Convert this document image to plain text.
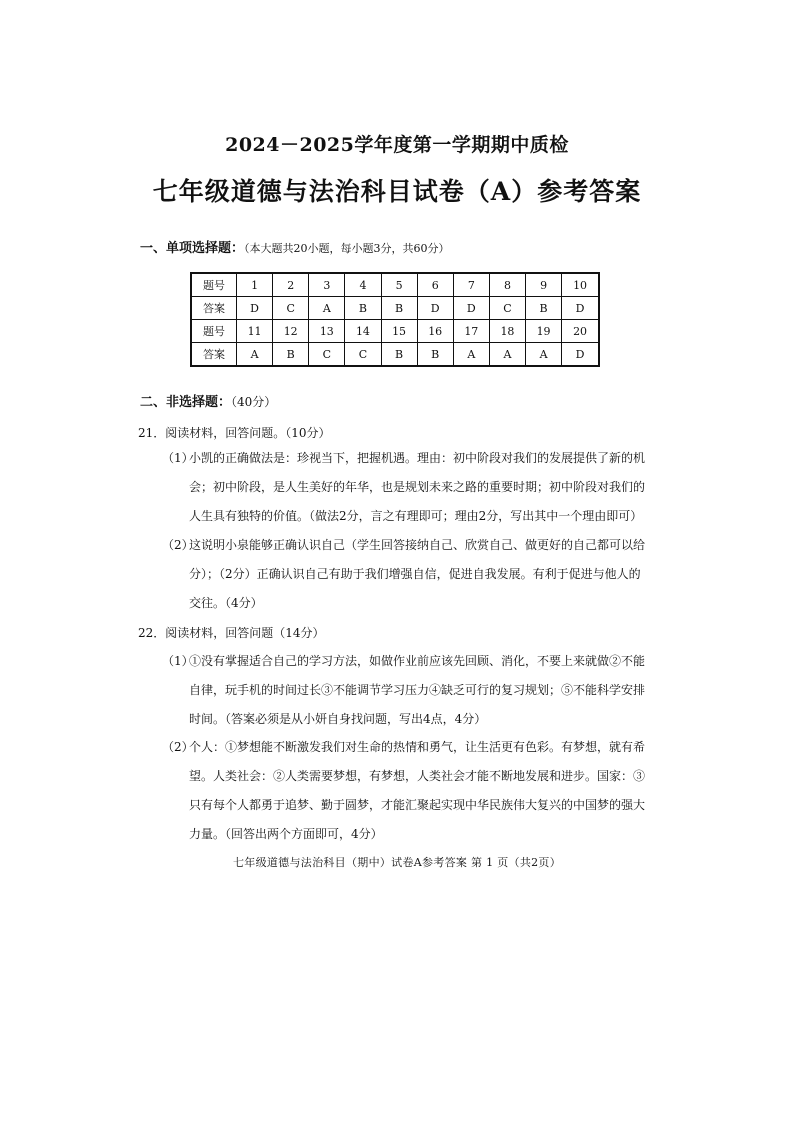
2024－2025学年度第一学期期中质检
七年级道德与法治科目试卷（A）参考答案
一、单项选择题：（本大题共20小题，每小题3分，共60分）
题号	1	2	3	4	5	6	7	8	9	10
答案	D	C	A	B	B	D	D	C	B	D
题号	11	12	13	14	15	16	17	18	19	20
答案	A	B	C	C	B	B	A	A	A	D
二、非选择题：（40分）
21．阅读材料，回答问题。（10分）
（1）小凯的正确做法是：珍视当下，把握机遇。理由：初中阶段对我们的发展提供了新的机
会；初中阶段，是人生美好的年华，也是规划未来之路的重要时期；初中阶段对我们的
人生具有独特的价值。（做法2分，言之有理即可；理由2分，写出其中一个理由即可）
（2）这说明小泉能够正确认识自己（学生回答接纳自己、欣赏自己、做更好的自己都可以给
分）；（2分）正确认识自己有助于我们增强自信，促进自我发展。有利于促进与他人的
交往。（4分）
22．阅读材料，回答问题（14分）
（1）①没有掌握适合自己的学习方法，如做作业前应该先回顾、消化，不要上来就做②不能
自律，玩手机的时间过长③不能调节学习压力④缺乏可行的复习规划；⑤不能科学安排
时间。（答案必须是从小妍自身找问题，写出4点，4分）
（2）个人：①梦想能不断激发我们对生命的热情和勇气，让生活更有色彩。有梦想，就有希
望。人类社会：②人类需要梦想，有梦想，人类社会才能不断地发展和进步。国家：③
只有每个人都勇于追梦、勤于圆梦，才能汇聚起实现中华民族伟大复兴的中国梦的强大
力量。（回答出两个方面即可，4分）
七年级道德与法治科目（期中）试卷A参考答案 第 1 页（共2页）
